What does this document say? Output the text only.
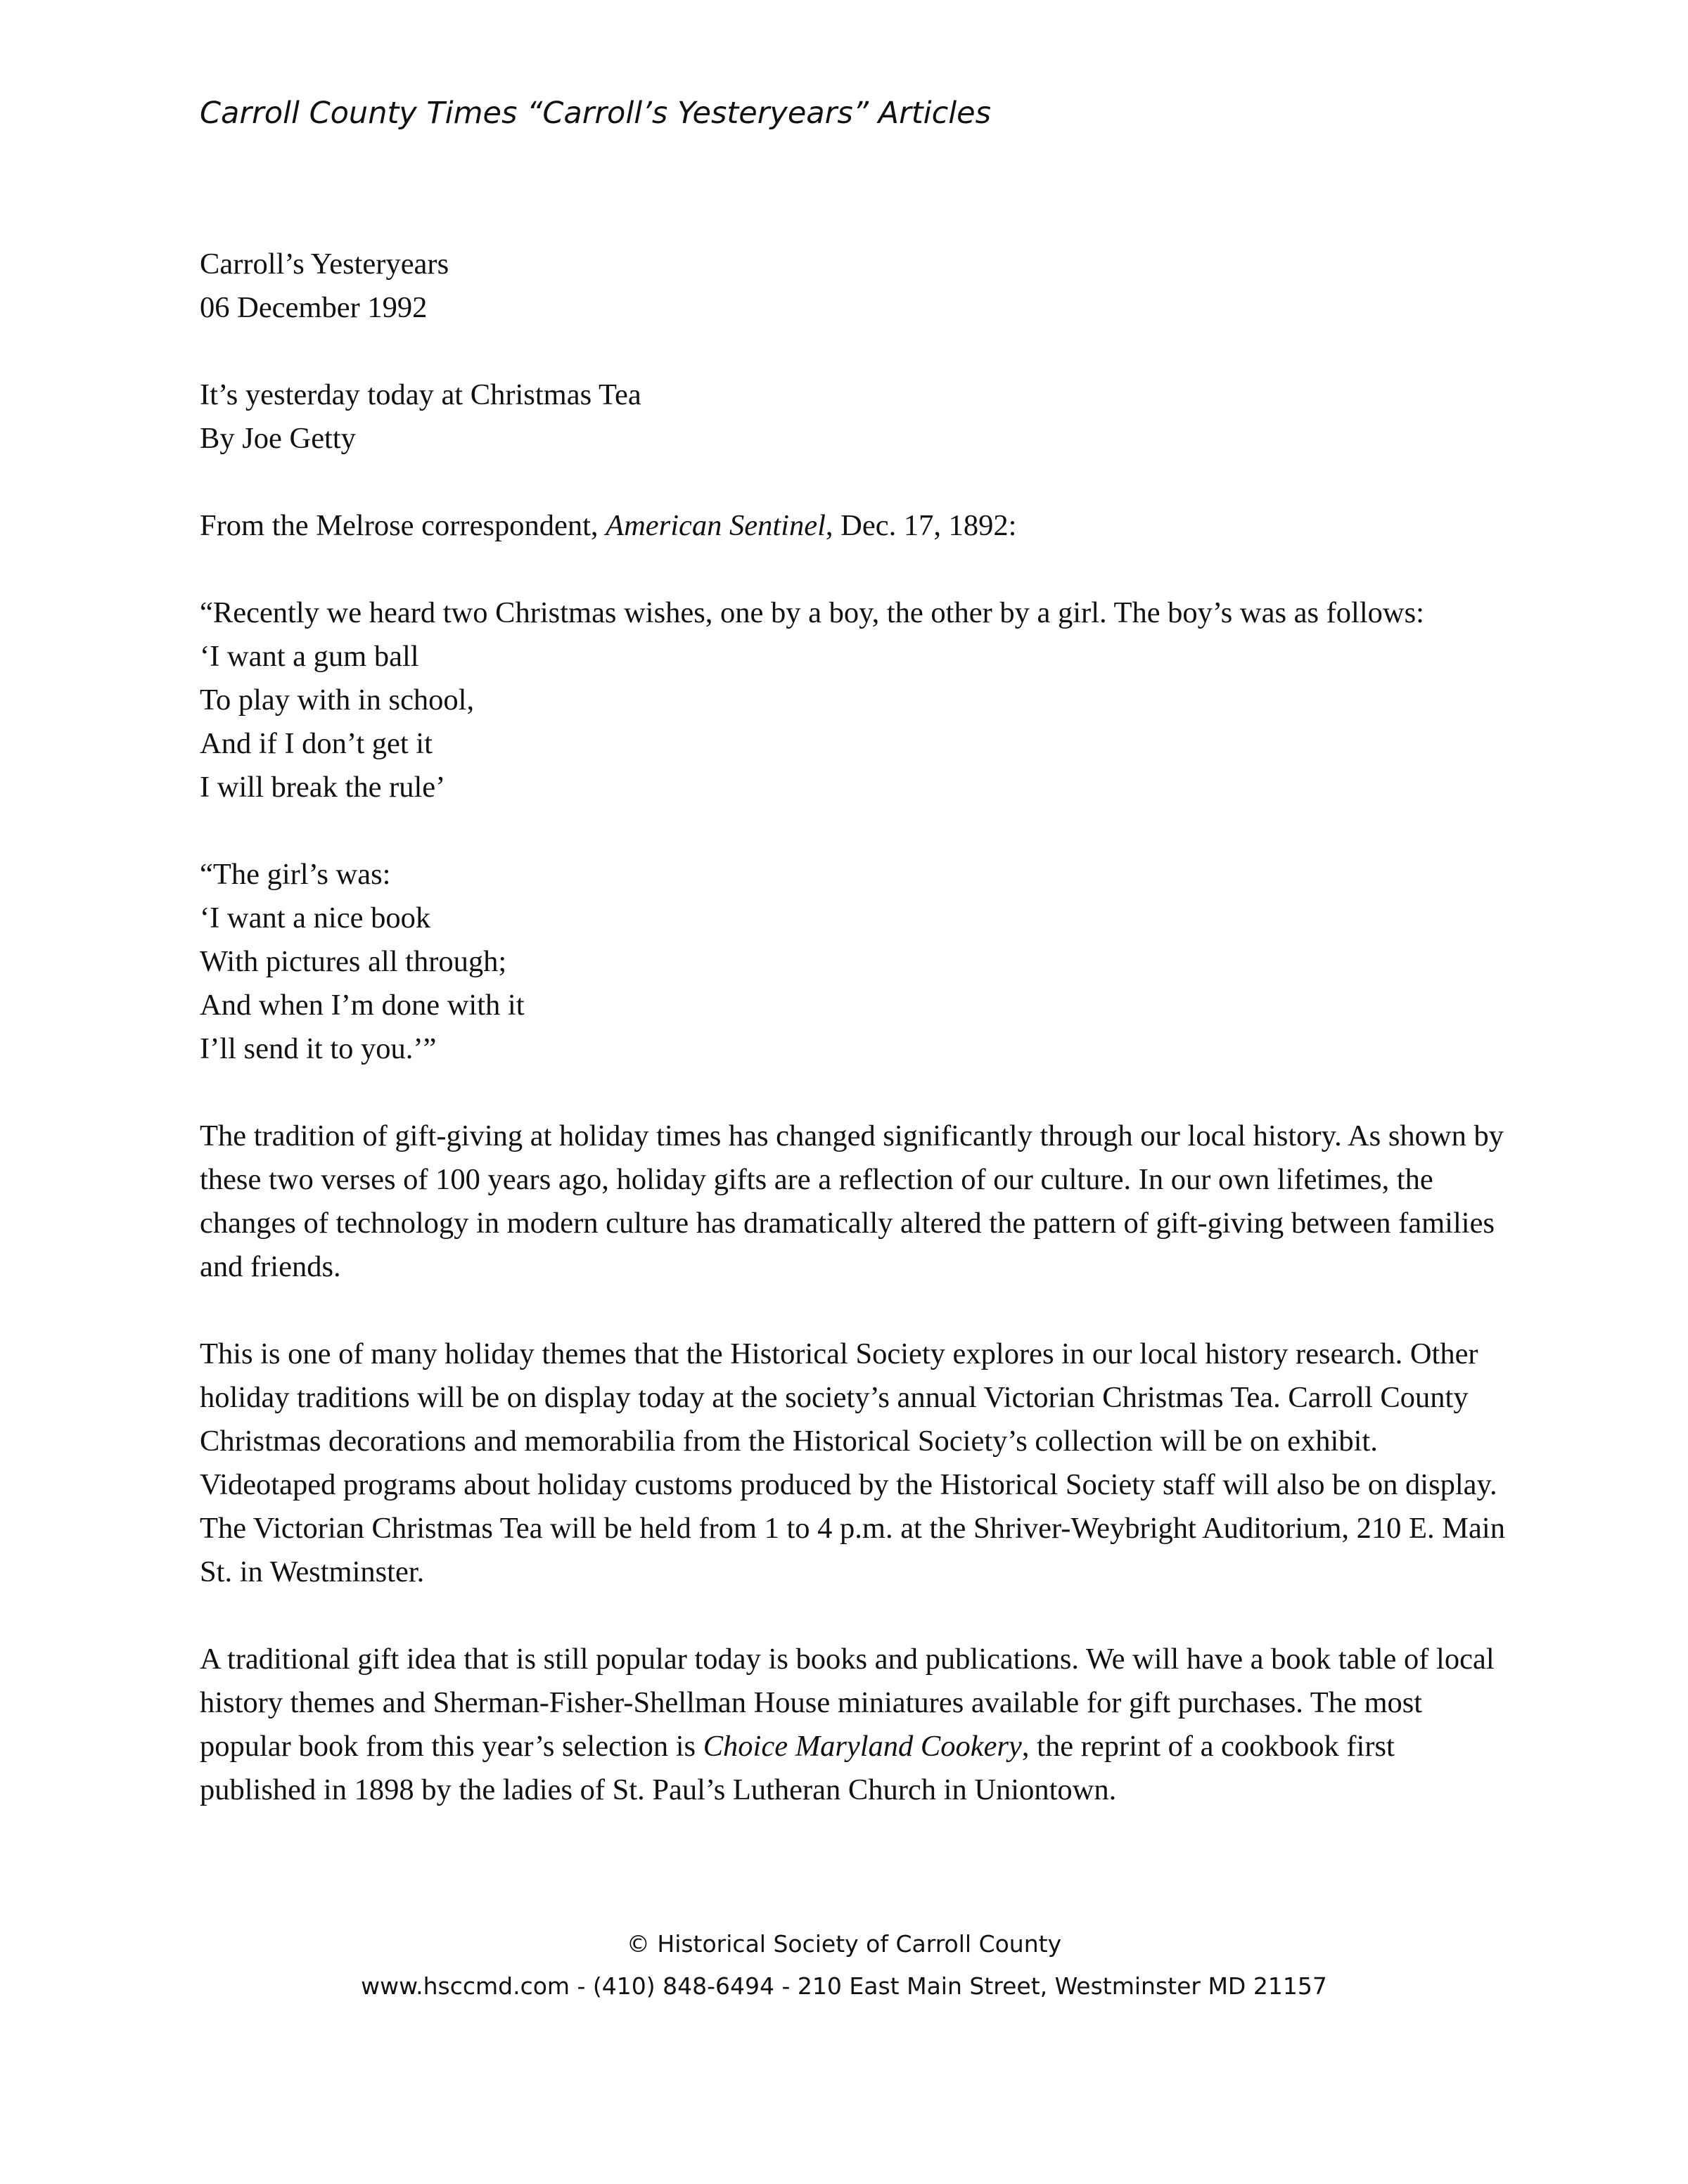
Carroll County Times “Carroll’s Yesteryears” Articles

Carroll’s Yesteryears

06 December 1992

It’s yesterday today at Christmas Tea

By Joe Getty

From the Melrose correspondent, American Sentinel, Dec. 17, 1892:

“Recently we heard two Christmas wishes, one by a boy, the other by a girl. The boy’s was as follows:

‘I want a gum ball

To play with in school,

And if I don’t get it

I will break the rule’

“The girl’s was:

‘I want a nice book

With pictures all through;

And when I’m done with it

I’ll send it to you.’”

The tradition of gift-giving at holiday times has changed significantly through our local history. As shown by these two verses of 100 years ago, holiday gifts are a reflection of our culture. In our own lifetimes, the changes of technology in modern culture has dramatically altered the pattern of gift-giving between families and friends.

This is one of many holiday themes that the Historical Society explores in our local history research. Other holiday traditions will be on display today at the society’s annual Victorian Christmas Tea. Carroll County Christmas decorations and memorabilia from the Historical Society’s collection will be on exhibit. Videotaped programs about holiday customs produced by the Historical Society staff will also be on display. The Victorian Christmas Tea will be held from 1 to 4 p.m. at the Shriver-Weybright Auditorium, 210 E. Main St. in Westminster.

A traditional gift idea that is still popular today is books and publications. We will have a book table of local history themes and Sherman-Fisher-Shellman House miniatures available for gift purchases. The most popular book from this year’s selection is Choice Maryland Cookery, the reprint of a cookbook first published in 1898 by the ladies of St. Paul’s Lutheran Church in Uniontown.

© Historical Society of Carroll County

www.hsccmd.com - (410) 848-6494 - 210 East Main Street, Westminster MD 21157
